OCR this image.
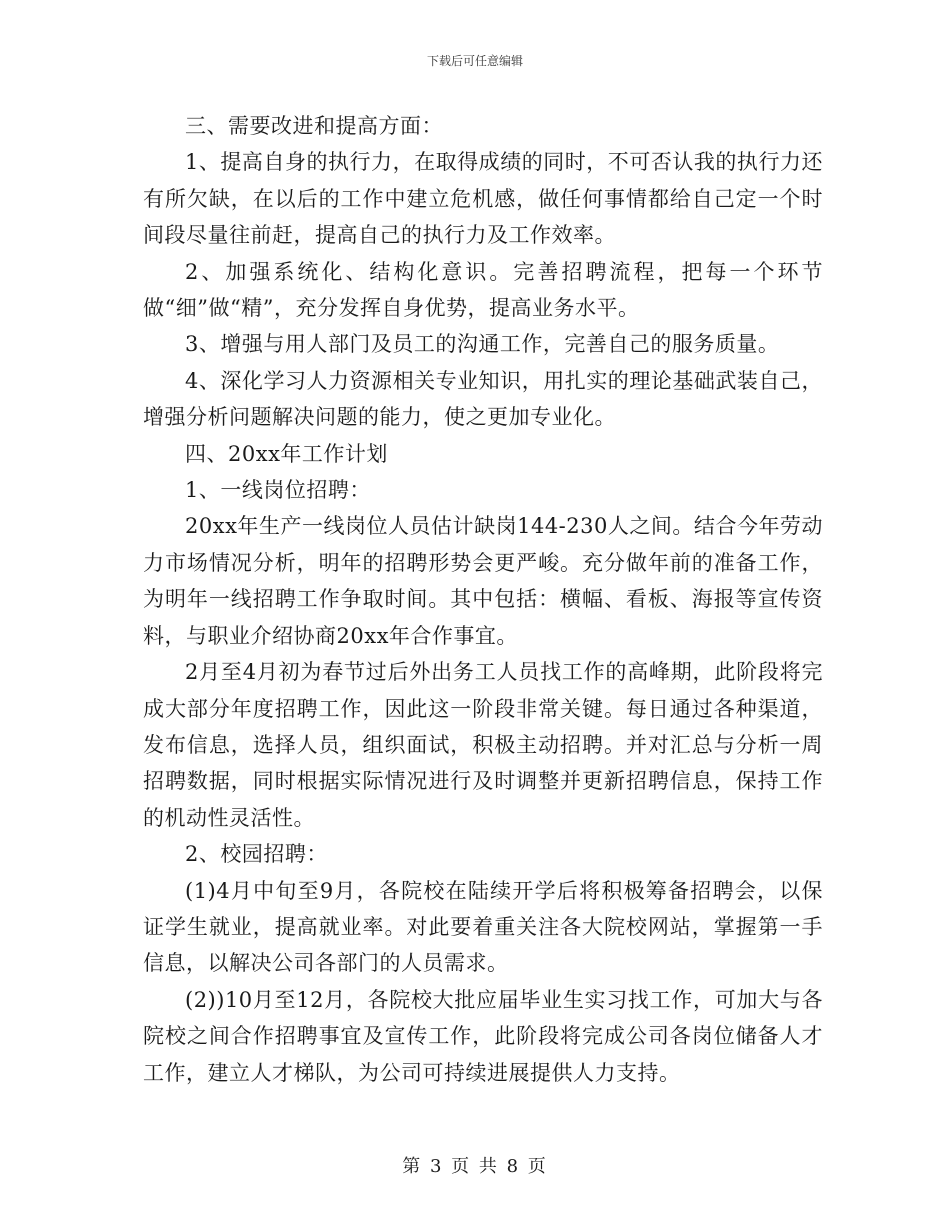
下载后可任意编辑

三、需要改进和提高方面：

1、提高自身的执行力，在取得成绩的同时，不可否认我的执行力还有所欠缺，在以后的工作中建立危机感，做任何事情都给自己定一个时间段尽量往前赶，提高自己的执行力及工作效率。

2、加强系统化、结构化意识。完善招聘流程，把每一个环节做“细”做“精”，充分发挥自身优势，提高业务水平。

3、增强与用人部门及员工的沟通工作，完善自己的服务质量。

4、深化学习人力资源相关专业知识，用扎实的理论基础武装自己，增强分析问题解决问题的能力，使之更加专业化。

四、20xx年工作计划

1、一线岗位招聘：

20xx年生产一线岗位人员估计缺岗144-230人之间。结合今年劳动力市场情况分析，明年的招聘形势会更严峻。充分做年前的准备工作，为明年一线招聘工作争取时间。其中包括：横幅、看板、海报等宣传资料，与职业介绍协商20xx年合作事宜。

2月至4月初为春节过后外出务工人员找工作的高峰期，此阶段将完成大部分年度招聘工作，因此这一阶段非常关键。每日通过各种渠道，发布信息，选择人员，组织面试，积极主动招聘。并对汇总与分析一周招聘数据，同时根据实际情况进行及时调整并更新招聘信息，保持工作的机动性灵活性。

2、校园招聘：

(1)4月中旬至9月，各院校在陆续开学后将积极筹备招聘会，以保证学生就业，提高就业率。对此要着重关注各大院校网站，掌握第一手信息，以解决公司各部门的人员需求。

(2))10月至12月，各院校大批应届毕业生实习找工作，可加大与各院校之间合作招聘事宜及宣传工作，此阶段将完成公司各岗位储备人才工作，建立人才梯队，为公司可持续进展提供人力支持。

第 3 页 共 8 页
